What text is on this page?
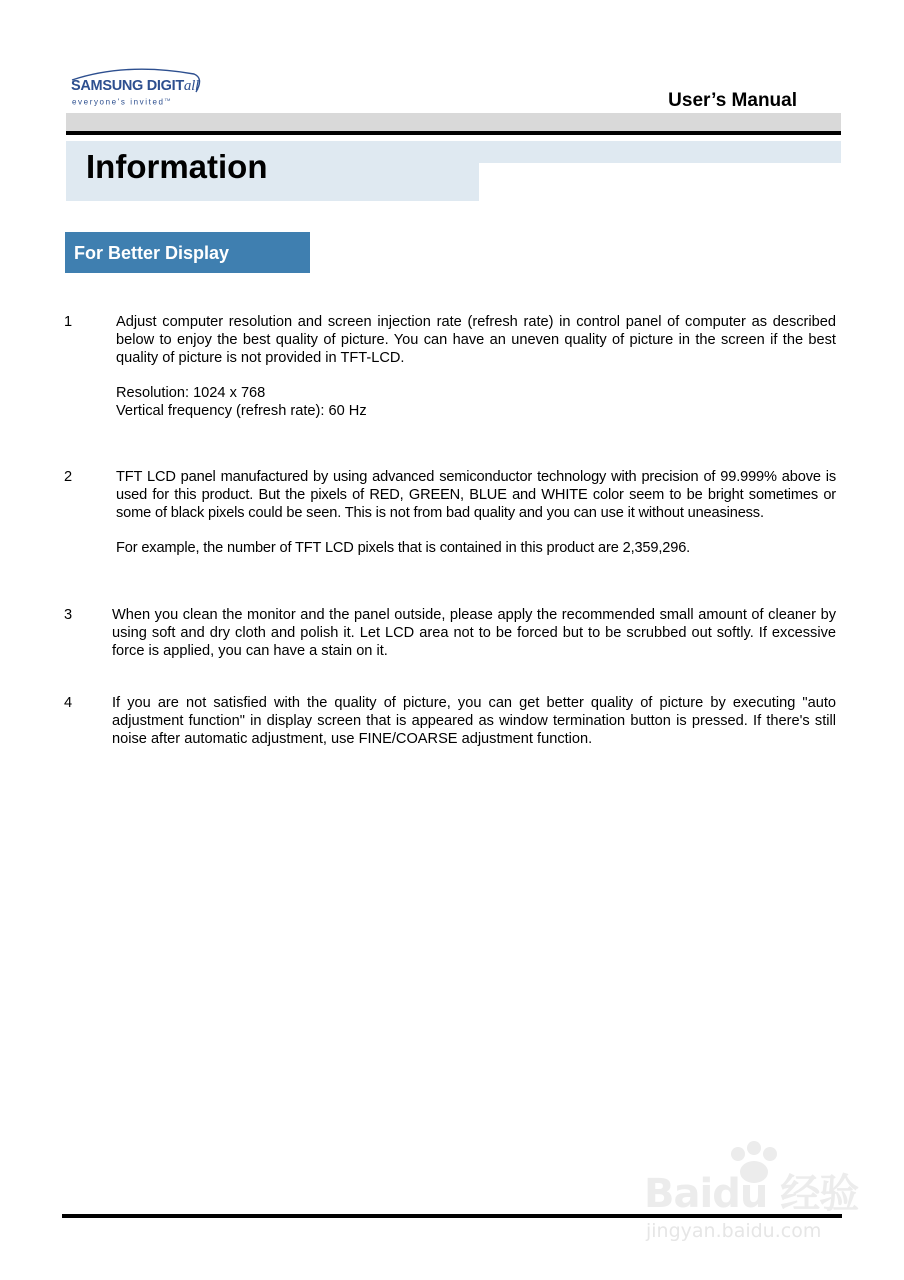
SAMSUNG DIGITall
everyone's invited™	User’s Manual
Information
For Better Display
1	Adjust computer resolution and screen injection rate (refresh rate) in control panel of computer as described below to enjoy the best quality of picture. You can have an uneven quality of picture in the screen if the best quality of picture is not provided in TFT-LCD.

Resolution: 1024 x 768
Vertical frequency (refresh rate): 60 Hz

2	TFT LCD panel manufactured by using advanced semiconductor technology with precision of 99.999% above is used for this product. But the pixels of RED, GREEN, BLUE and WHITE color seem to be bright sometimes or some of black pixels could be seen. This is not from bad quality and you can use it without uneasiness.

For example, the number of TFT LCD pixels that is contained in this product are 2,359,296.

3	When you clean the monitor and the panel outside, please apply the recommended small amount of cleaner by using soft and dry cloth and polish it. Let LCD area not to be forced but to be scrubbed out softly. If excessive force is applied, you can have a stain on it.

4	If you are not satisfied with the quality of picture, you can get better quality of picture by executing "auto adjustment function" in display screen that is appeared as window termination button is pressed. If there's still noise after automatic adjustment, use FINE/COARSE adjustment function.

Baidu 经验
jingyan.baidu.com
